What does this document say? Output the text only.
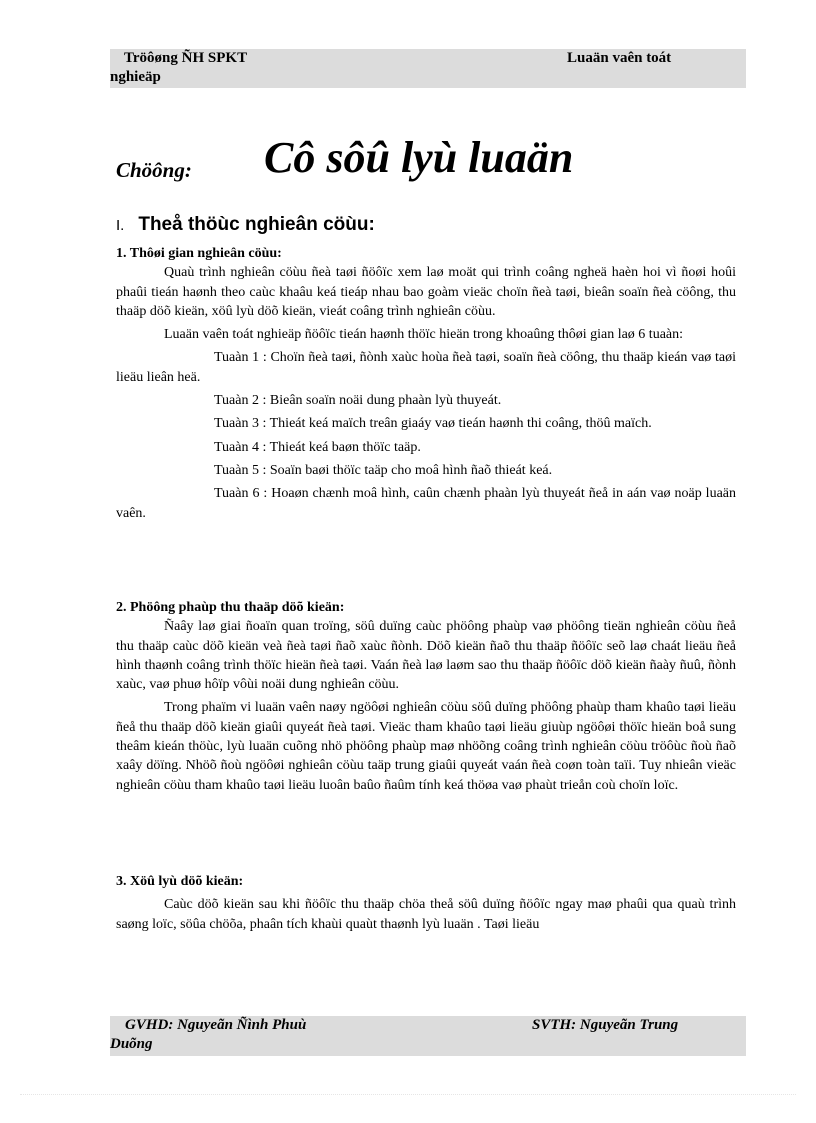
Tröôøng ÑH SPKT	Luaän vaên toát
nghieäp
Chöông: Cô sôû lyù luaän
I. Theå thöùc nghieân cöùu:

1. Thôøi gian nghieân cöùu:

Quaù trình nghieân cöùu ñeà taøi ñöôïc xem laø moät qui trình coâng ngheä haèn hoi vì ñoøi hoûi phaûi tieán haønh theo caùc khaâu keá tieáp nhau bao goàm vieäc choïn ñeà taøi, bieân soaïn ñeà cöông, thu thaäp döõ kieän, xöû lyù döõ kieän, vieát coâng trình nghieân cöùu.

Luaän vaên toát nghieäp ñöôïc tieán haønh thöïc hieän trong khoaûng thôøi gian laø 6 tuaàn:

Tuaàn 1 : Choïn ñeà taøi, ñònh xaùc hoùa ñeà taøi, soaïn ñeà cöông, thu thaäp kieán vaø taøi lieäu lieân heä.

Tuaàn 2 : Bieân soaïn noäi dung phaàn lyù thuyeát.

Tuaàn 3 : Thieát keá maïch treân giaáy vaø tieán haønh thi coâng, thöû maïch.

Tuaàn 4 : Thieát keá baøn thöïc taäp.

Tuaàn 5 : Soaïn baøi thöïc taäp cho moâ hình ñaõ thieát keá.

Tuaàn 6 : Hoaøn chænh moâ hình, caûn chænh phaàn lyù thuyeát ñeå in aán vaø noäp luaän vaên.

2. Phöông phaùp thu thaäp döõ kieän:

Ñaây laø giai ñoaïn quan troïng, söû duïng caùc phöông phaùp vaø phöông tieän nghieân cöùu ñeå thu thaäp caùc döõ kieän veà ñeà taøi ñaõ xaùc ñònh. Döõ kieän ñaõ thu thaäp ñöôïc seõ laø chaát lieäu ñeå hình thaønh coâng trình thöïc hieän ñeà taøi. Vaán ñeà laø laøm sao thu thaäp ñöôïc döõ kieän ñaày ñuû, ñònh xaùc, vaø phuø hôïp vôùi noäi dung nghieân cöùu.

Trong phaïm vi luaän vaên naøy ngöôøi nghieân cöùu söû duïng phöông phaùp tham khaûo taøi lieäu ñeå thu thaäp döõ kieän giaûi quyeát ñeà taøi. Vieäc tham khaûo taøi lieäu giuùp ngöôøi thöïc hieän boå sung theâm kieán thöùc, lyù luaän cuõng nhö phöông phaùp maø nhöõng coâng trình nghieân cöùu tröôùc ñoù ñaõ xaây döïng. Nhöõ ñoù ngöôøi nghieân cöùu taäp trung giaûi quyeát vaán ñeà coøn toàn taïi. Tuy nhieân vieäc nghieân cöùu tham khaûo taøi lieäu luoân baûo ñaûm tính keá thöøa vaø phaùt trieån coù choïn loïc.

3. Xöû lyù döõ kieän:

Caùc döõ kieän sau khi ñöôïc thu thaäp chöa theå söû duïng ñöôïc ngay maø phaûi qua quaù trình saøng loïc, söûa chöõa, phaân tích khaùi quaùt thaønh lyù luaän . Taøi lieäu

GVHD: Nguyeãn Ñình Phuù	SVTH: Nguyeãn Trung
Duõng
